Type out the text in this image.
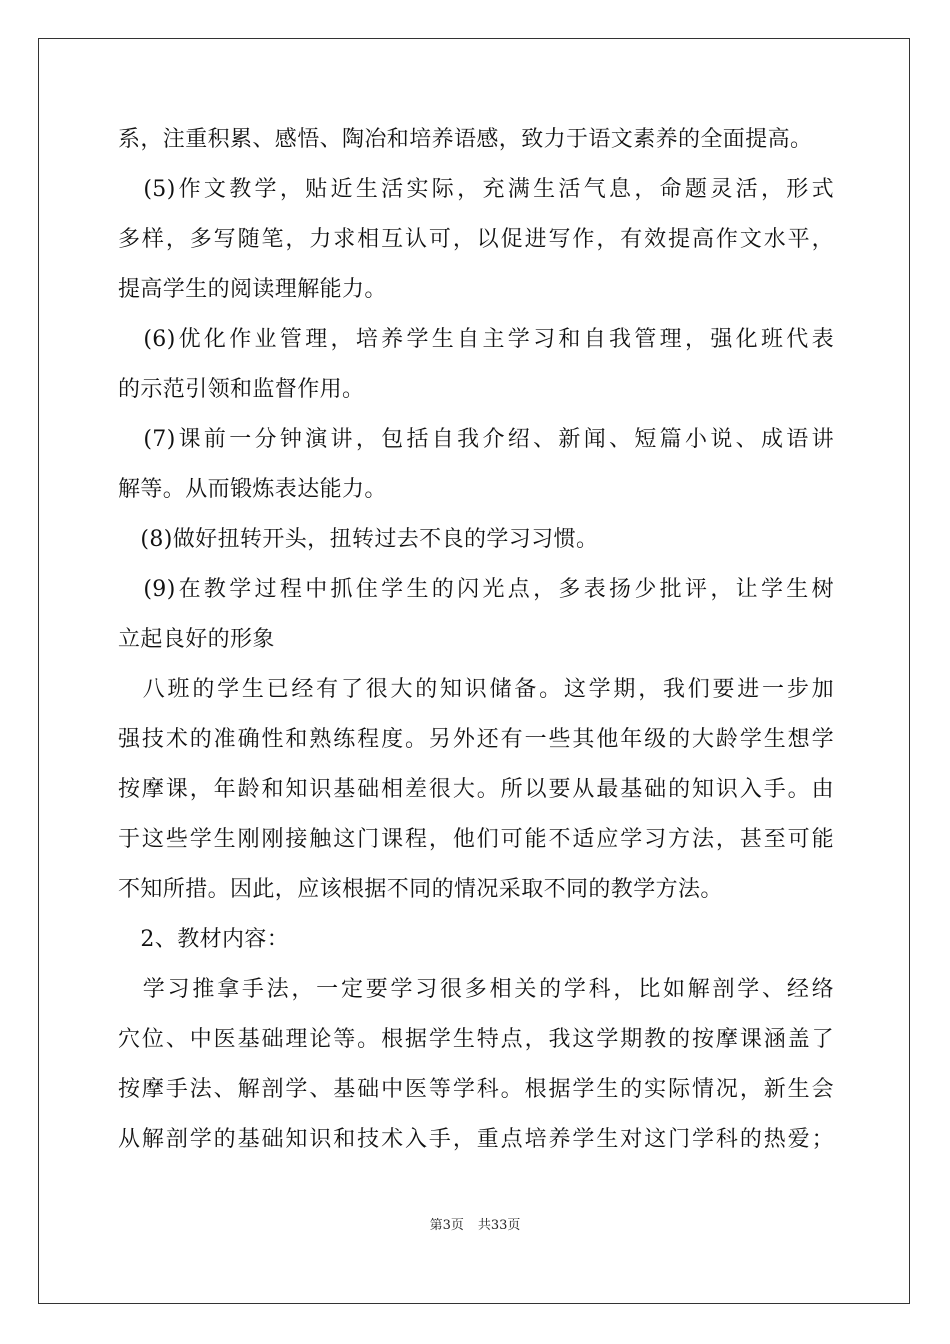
系，注重积累、感悟、陶冶和培养语感，致力于语文素养的全面提高。

　(5)作文教学，贴近生活实际，充满生活气息，命题灵活，形式

多样，多写随笔，力求相互认可，以促进写作，有效提高作文水平，

提高学生的阅读理解能力。

　(6)优化作业管理，培养学生自主学习和自我管理，强化班代表

的示范引领和监督作用。

　(7)课前一分钟演讲，包括自我介绍、新闻、短篇小说、成语讲

解等。从而锻炼表达能力。

　(8)做好扭转开头，扭转过去不良的学习习惯。

　(9)在教学过程中抓住学生的闪光点，多表扬少批评，让学生树

立起良好的形象

　八班的学生已经有了很大的知识储备。这学期，我们要进一步加

强技术的准确性和熟练程度。另外还有一些其他年级的大龄学生想学

按摩课，年龄和知识基础相差很大。所以要从最基础的知识入手。由

于这些学生刚刚接触这门课程，他们可能不适应学习方法，甚至可能

不知所措。因此，应该根据不同的情况采取不同的教学方法。

　2、教材内容：

　学习推拿手法，一定要学习很多相关的学科，比如解剖学、经络

穴位、中医基础理论等。根据学生特点，我这学期教的按摩课涵盖了

按摩手法、解剖学、基础中医等学科。根据学生的实际情况，新生会

从解剖学的基础知识和技术入手，重点培养学生对这门学科的热爱；

第3页 共33页
